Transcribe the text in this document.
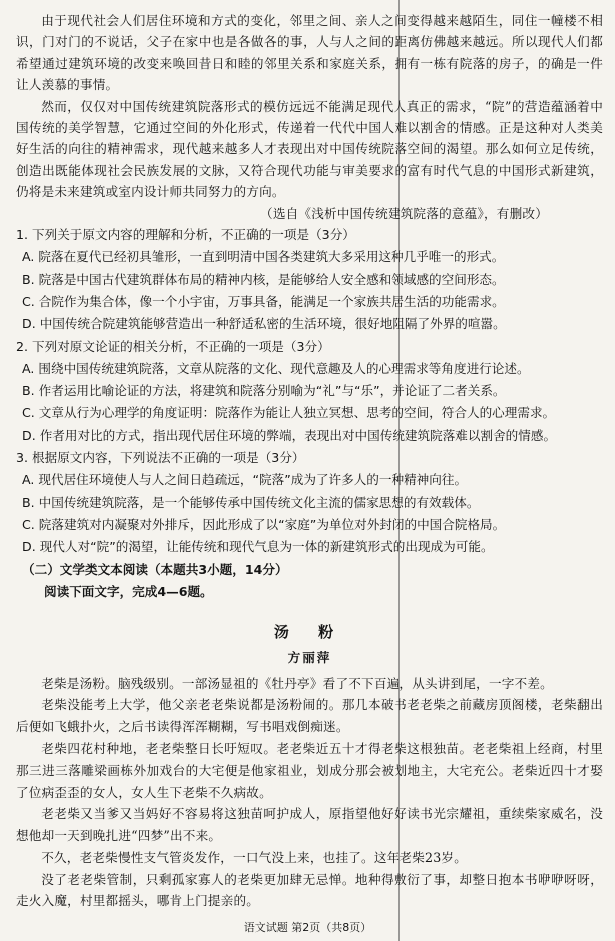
由于现代社会人们居住环境和方式的变化，邻里之间、亲人之间变得越来越陌生，同住一幢楼不相识，门对门的不说话，父子在家中也是各做各的事，人与人之间的距离仿佛越来越远。所以现代人们都希望通过建筑环境的改变来唤回昔日和睦的邻里关系和家庭关系，拥有一栋有院落的房子，的确是一件让人羡慕的事情。

然而，仅仅对中国传统建筑院落形式的模仿远远不能满足现代人真正的需求，“院”的营造蕴涵着中国传统的美学智慧，它通过空间的外化形式，传递着一代代中国人难以割舍的情感。正是这种对人类美好生活的向往的精神需求，现代越来越多人才表现出对中国传统院落空间的渴望。那么如何立足传统，创造出既能体现社会民族发展的文脉，又符合现代功能与审美要求的富有时代气息的中国形式新建筑，仍将是未来建筑或室内设计师共同努力的方向。

（选自《浅析中国传统建筑院落的意蕴》，有删改）

1. 下列关于原文内容的理解和分析，不正确的一项是（3分）

A. 院落在夏代已经初具雏形，一直到明清中国各类建筑大多采用这种几乎唯一的形式。

B. 院落是中国古代建筑群体布局的精神内核，是能够给人安全感和领域感的空间形态。

C. 合院作为集合体，像一个小宇宙，万事具备，能满足一个家族共居生活的功能需求。

D. 中国传统合院建筑能够营造出一种舒适私密的生活环境，很好地阻隔了外界的喧嚣。

2. 下列对原文论证的相关分析，不正确的一项是（3分）

A. 围绕中国传统建筑院落，文章从院落的文化、现代意趣及人的心理需求等角度进行论述。

B. 作者运用比喻论证的方法，将建筑和院落分别喻为“礼”与“乐”，并论证了二者关系。

C. 文章从行为心理学的角度证明：院落作为能让人独立冥想、思考的空间，符合人的心理需求。

D. 作者用对比的方式，指出现代居住环境的弊端，表现出对中国传统建筑院落难以割舍的情感。

3. 根据原文内容，下列说法不正确的一项是（3分）

A. 现代居住环境使人与人之间日趋疏远，“院落”成为了许多人的一种精神向往。

B. 中国传统建筑院落，是一个能够传承中国传统文化主流的儒家思想的有效载体。

C. 院落建筑对内凝聚对外排斥，因此形成了以“家庭”为单位对外封闭的中国合院格局。

D. 现代人对“院”的渴望，让能传统和现代气息为一体的新建筑形式的出现成为可能。

（二）文学类文本阅读（本题共3小题，14分）

阅读下面文字，完成4—6题。

汤 粉

方丽萍

老柴是汤粉。脑残级别。一部汤显祖的《牡丹亭》看了不下百遍，从头讲到尾，一字不差。

老柴没能考上大学，他父亲老老柴说都是汤粉闹的。那几本破书老老柴之前藏房顶阁楼，老柴翻出后便如飞蛾扑火，之后书读得浑浑糊糊，写书唱戏倒痴迷。

老柴四花村种地，老老柴整日长吁短叹。老老柴近五十才得老柴这根独苗。老老柴祖上经商，村里那三进三落雕梁画栋外加戏台的大宅便是他家祖业，划成分那会被划地主，大宅充公。老柴近四十才娶了位病歪歪的女人，女人生下老柴不久病故。

老老柴又当爹又当妈好不容易将这独苗呵护成人，原指望他好好读书光宗耀祖，重续柴家威名，没想他却一天到晚扎进“四梦”出不来。

不久，老老柴慢性支气管炎发作，一口气没上来，也挂了。这年老柴23岁。

没了老老柴管制，只剩孤家寡人的老柴更加肆无忌惮。地种得敷衍了事，却整日抱本书咿咿呀呀，走火入魔，村里都摇头，哪肯上门提亲的。

语文试题 第2页（共8页）
